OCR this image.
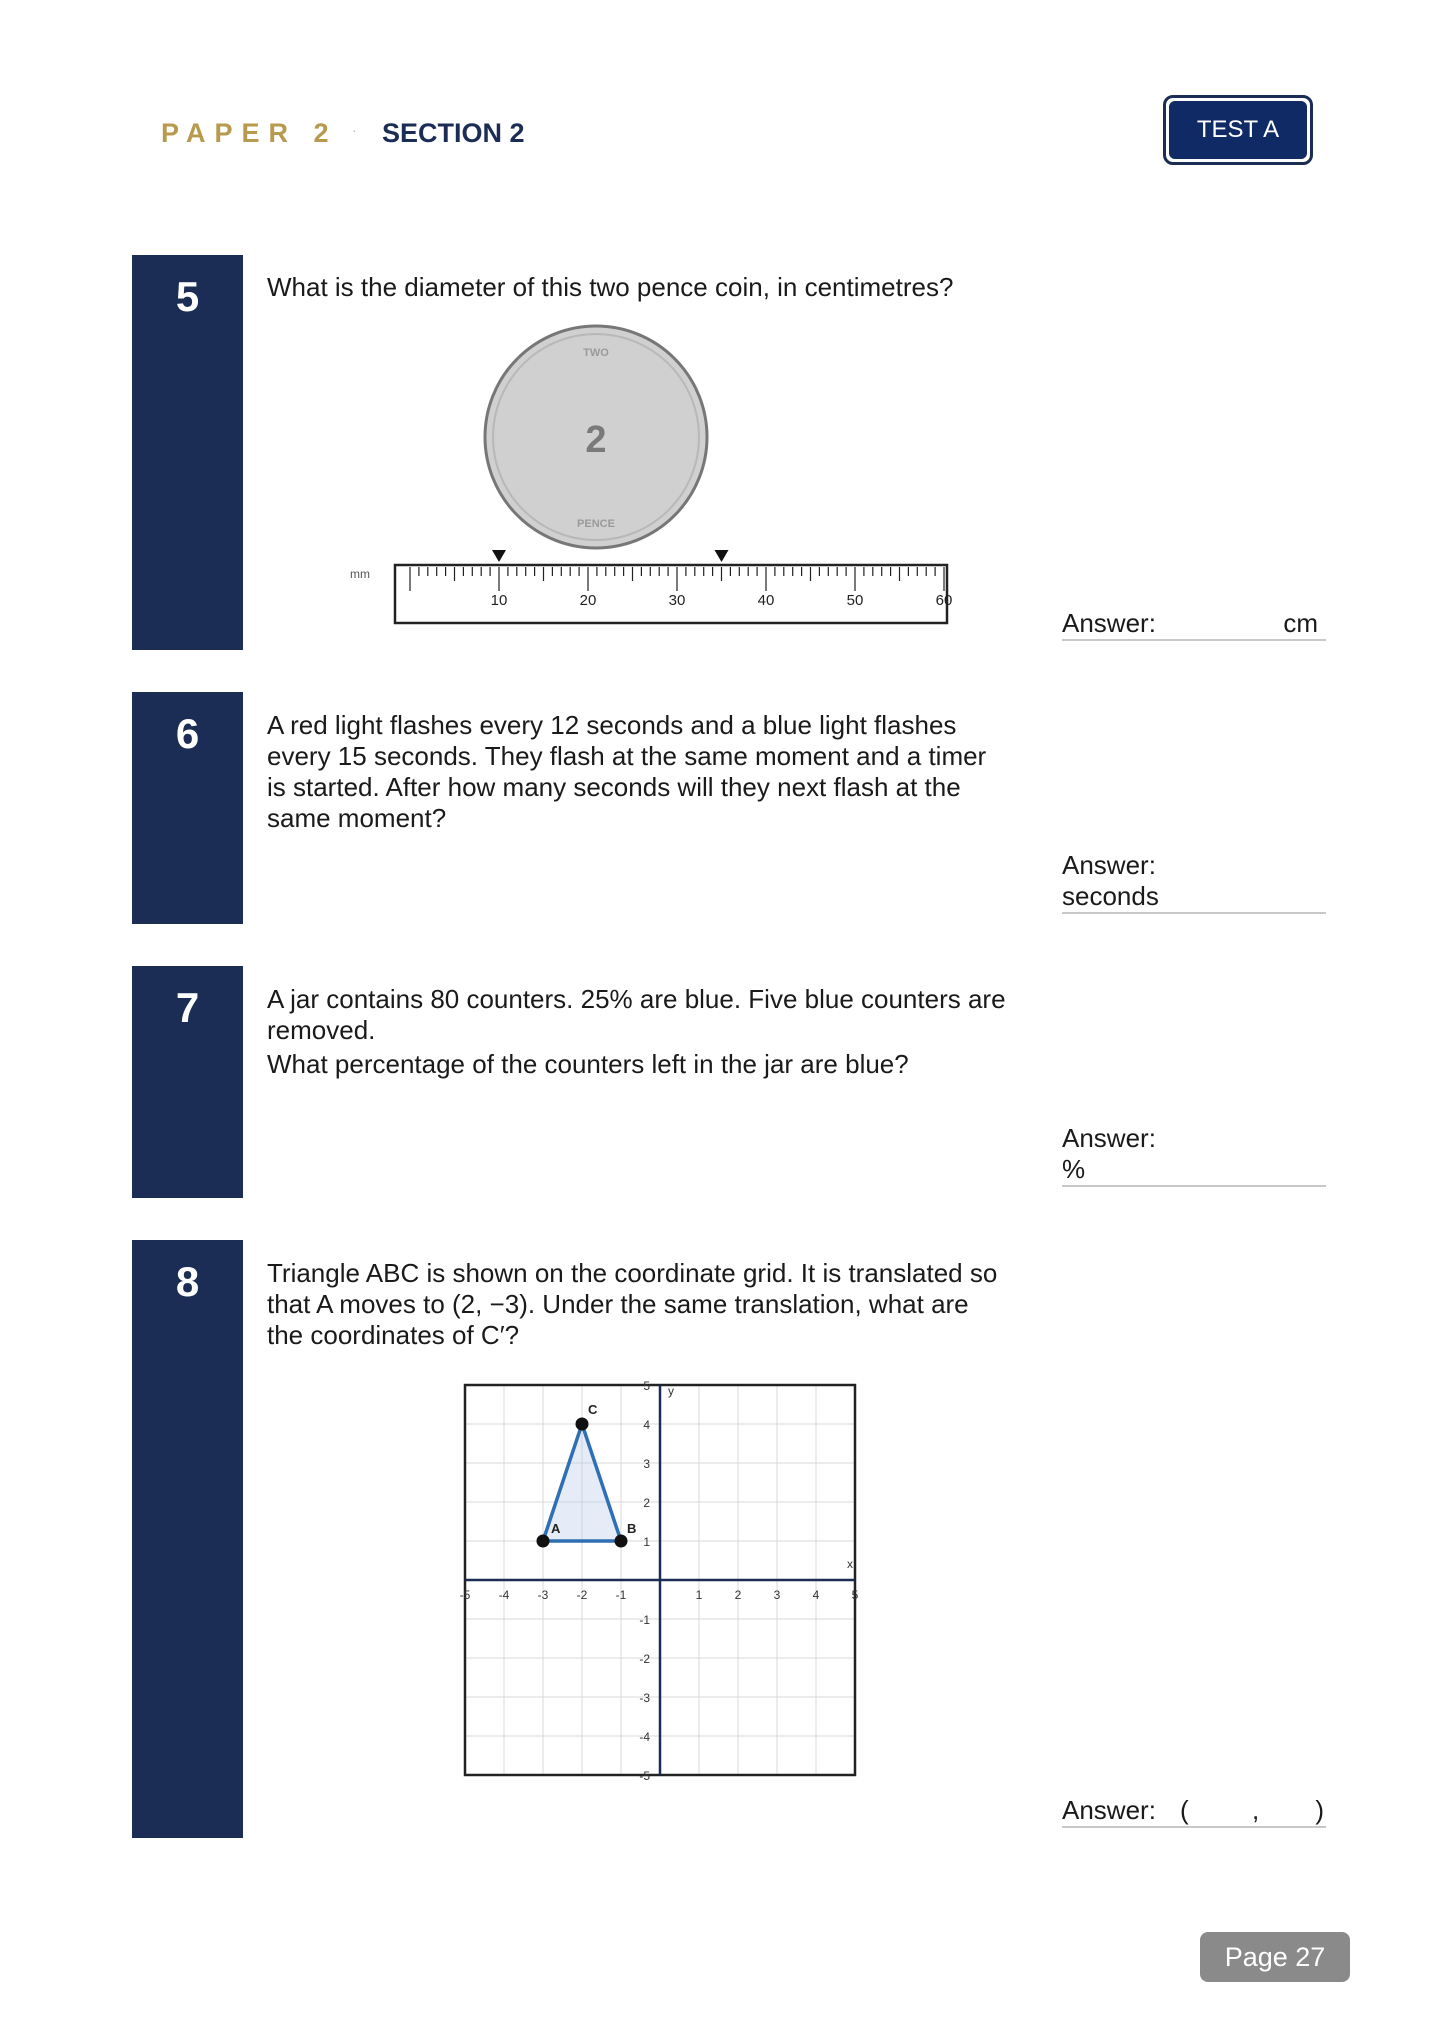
PAPER 2 · SECTION 2	TEST A
5	What is the diameter of this two pence coin, in centimetres?
TWO
2
PENCE
mm
10	20	30	40	50	60
Answer:	cm
6	A red light flashes every 12 seconds and a blue light flashes
every 15 seconds. They flash at the same moment and a timer
is started. After how many seconds will they next flash at the
same moment?
Answer:
seconds
7	A jar contains 80 counters. 25% are blue. Five blue counters are
removed.
What percentage of the counters left in the jar are blue?
Answer:
%
8	Triangle ABC is shown on the coordinate grid. It is translated so
that A moves to (2, −3). Under the same translation, what are
the coordinates of C′?
-5 -4 -3 -2 -1	1	2	3	4	5
5
4
3
2
1
-1
-2
-3
-4
-5
x
y
A	B
C
Answer: ( , )
Page 27
